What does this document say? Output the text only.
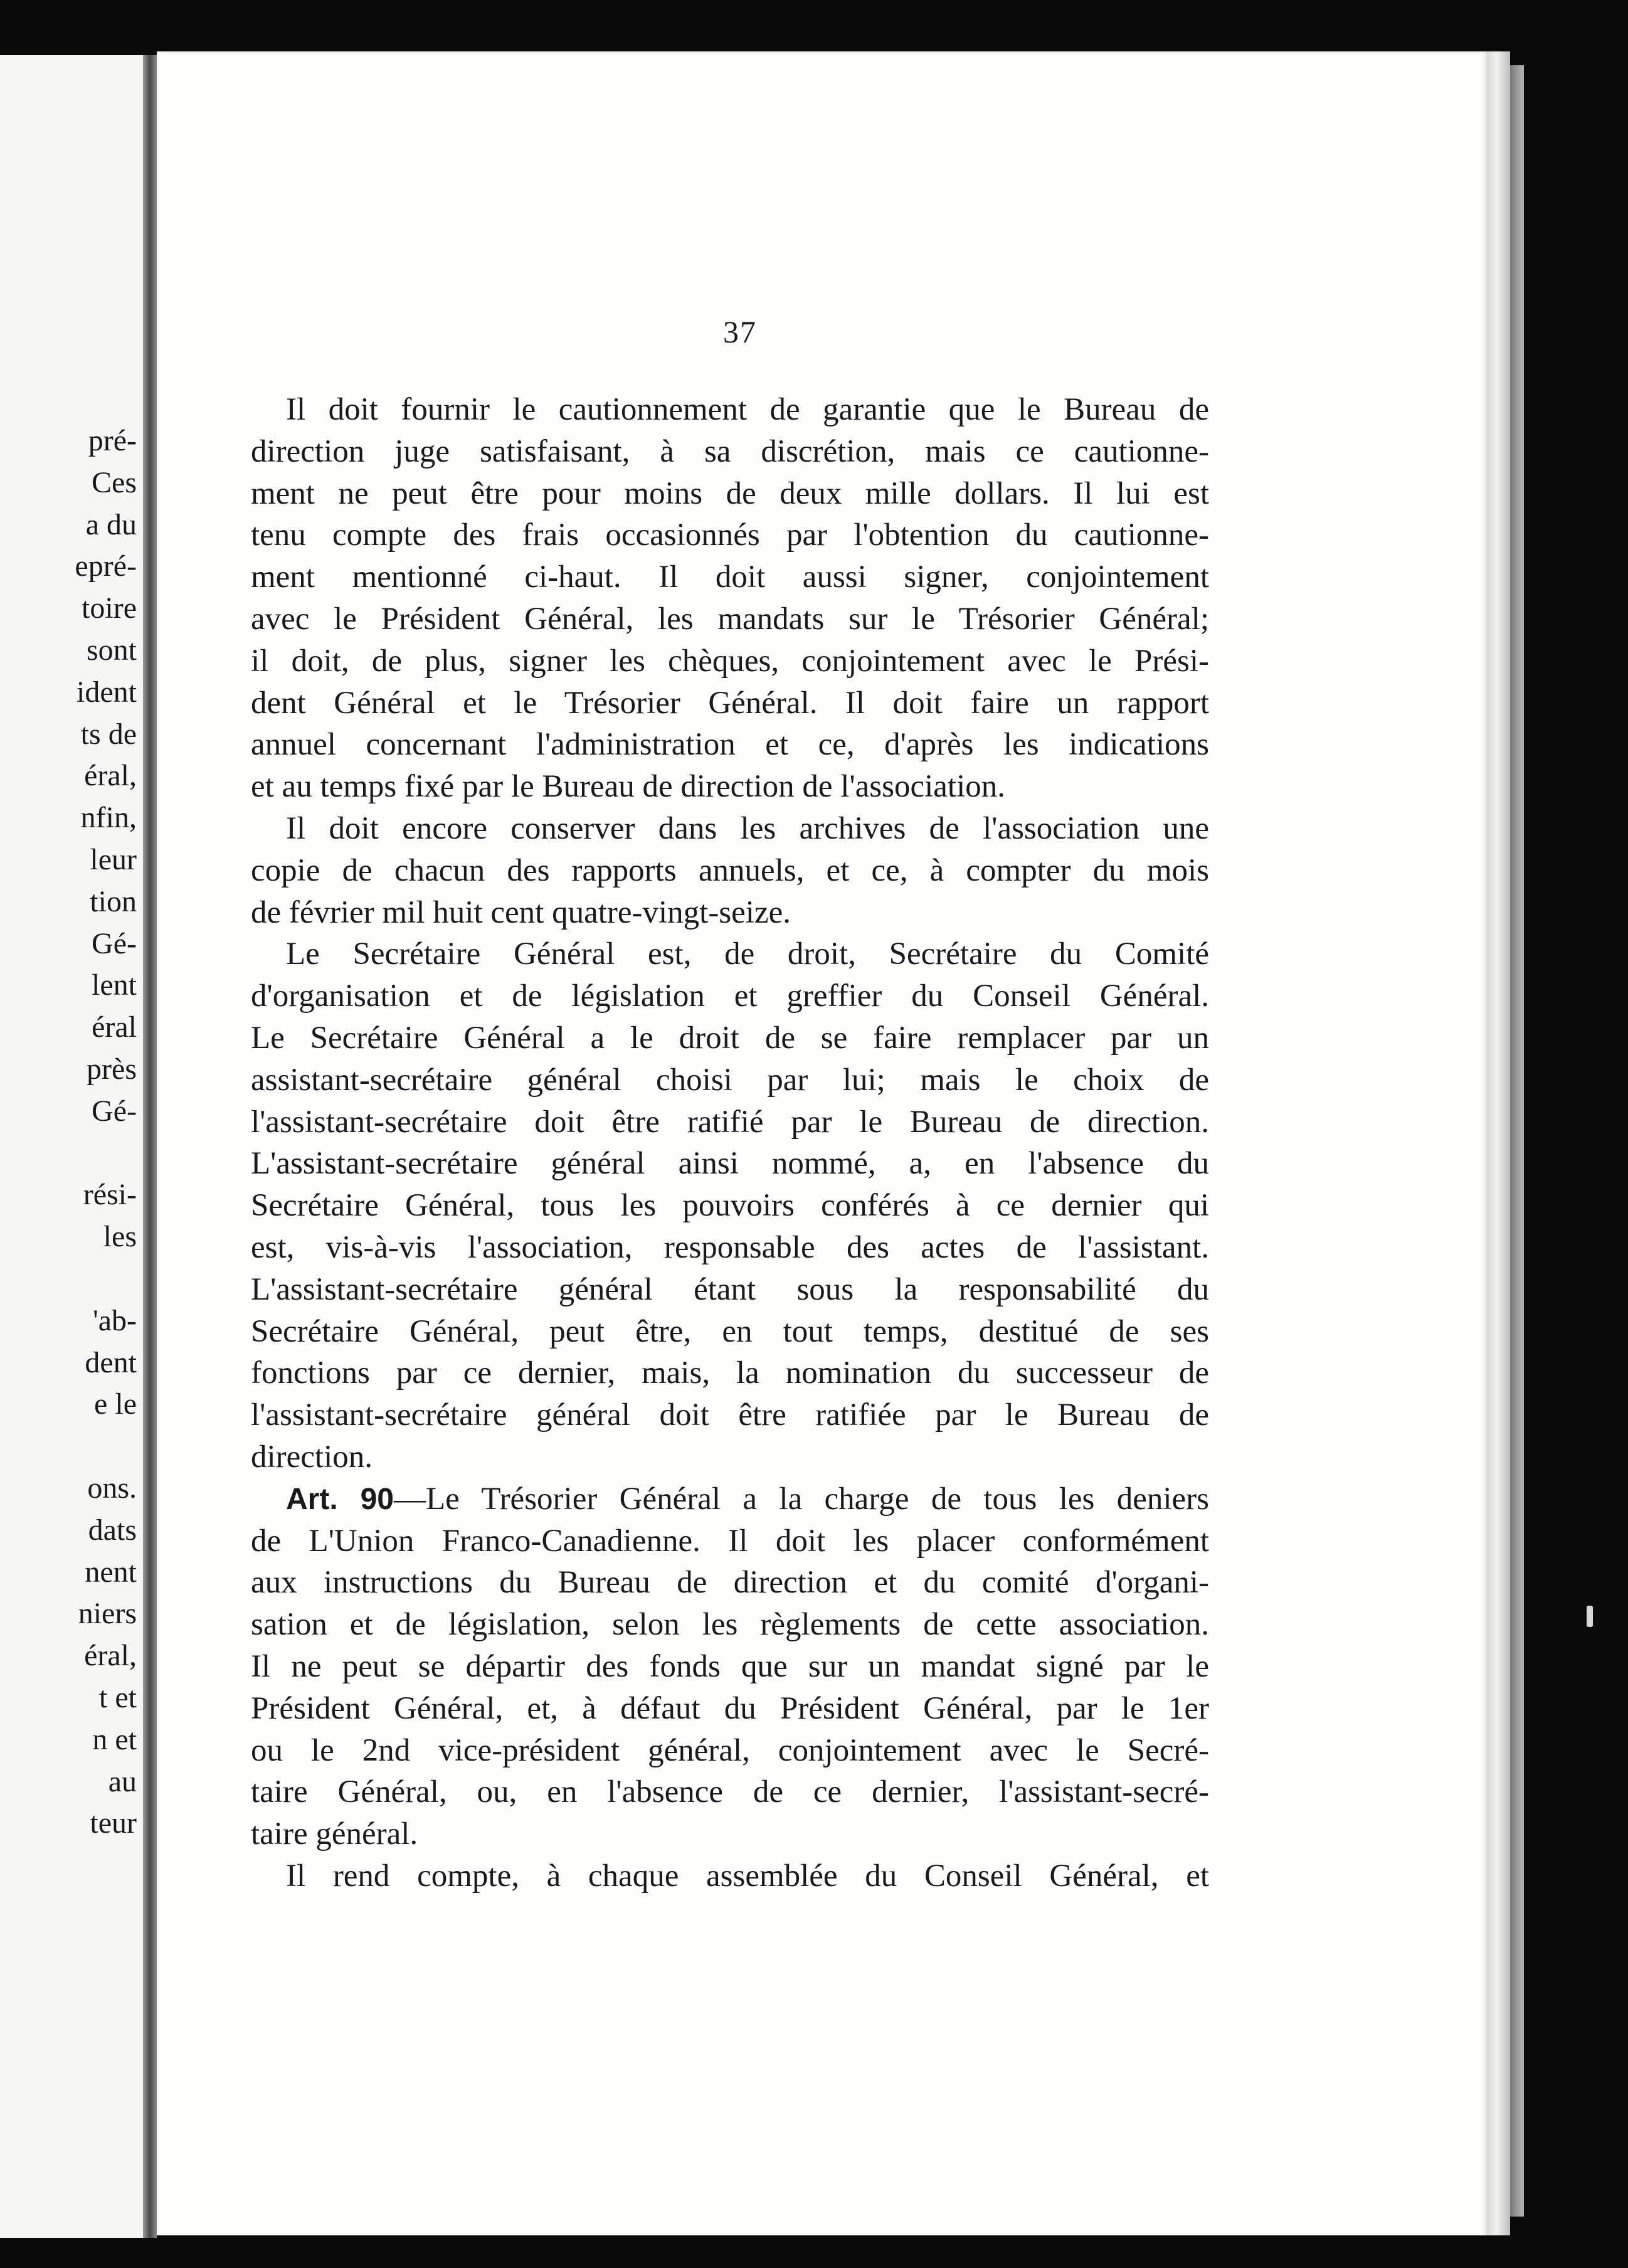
pré-
Ces
a du
epré-
toire
sont
ident
ts de
éral,
nfin,
leur
tion
Gé-
lent
éral
près
Gé-
rési-
les
'ab-
dent
e le
ons.
dats
nent
niers
éral,
t et
n et
au
teur
37
Il doit fournir le cautionnement de garantie que le Bureau de
direction juge satisfaisant, à sa discrétion, mais ce cautionne-
ment ne peut être pour moins de deux mille dollars. Il lui est
tenu compte des frais occasionnés par l'obtention du cautionne-
ment mentionné ci-haut. Il doit aussi signer, conjointement
avec le Président Général, les mandats sur le Trésorier Général;
il doit, de plus, signer les chèques, conjointement avec le Prési-
dent Général et le Trésorier Général. Il doit faire un rapport
annuel concernant l'administration et ce, d'après les indications
et au temps fixé par le Bureau de direction de l'association.
Il doit encore conserver dans les archives de l'association une
copie de chacun des rapports annuels, et ce, à compter du mois
de février mil huit cent quatre-vingt-seize.
Le Secrétaire Général est, de droit, Secrétaire du Comité
d'organisation et de législation et greffier du Conseil Général.
Le Secrétaire Général a le droit de se faire remplacer par un
assistant-secrétaire général choisi par lui; mais le choix de
l'assistant-secrétaire doit être ratifié par le Bureau de direction.
L'assistant-secrétaire général ainsi nommé, a, en l'absence du
Secrétaire Général, tous les pouvoirs conférés à ce dernier qui
est, vis-à-vis l'association, responsable des actes de l'assistant.
L'assistant-secrétaire général étant sous la responsabilité du
Secrétaire Général, peut être, en tout temps, destitué de ses
fonctions par ce dernier, mais, la nomination du successeur de
l'assistant-secrétaire général doit être ratifiée par le Bureau de
direction.
Art. 90—Le Trésorier Général a la charge de tous les deniers
de L'Union Franco-Canadienne. Il doit les placer conformément
aux instructions du Bureau de direction et du comité d'organi-
sation et de législation, selon les règlements de cette association.
Il ne peut se départir des fonds que sur un mandat signé par le
Président Général, et, à défaut du Président Général, par le 1er
ou le 2nd vice-président général, conjointement avec le Secré-
taire Général, ou, en l'absence de ce dernier, l'assistant-secré-
taire général.
Il rend compte, à chaque assemblée du Conseil Général, et
